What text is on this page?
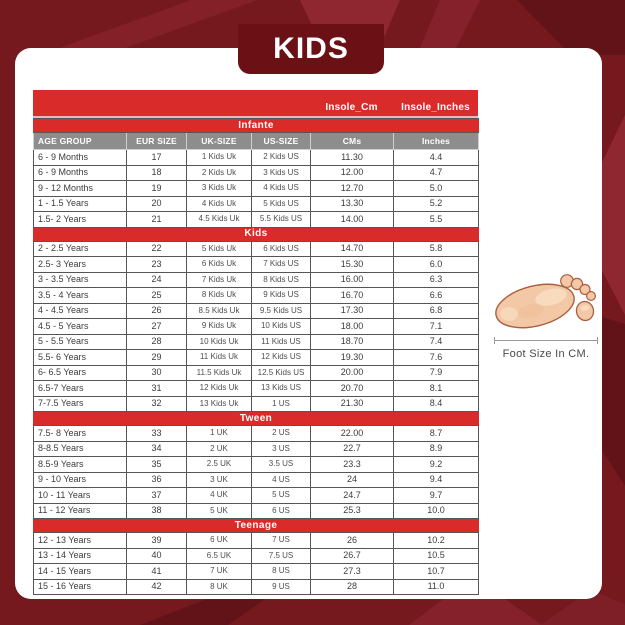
Insole_Cm	Insole_Inches
Infante					
AGE GROUP	EUR SIZE	UK-SIZE	US-SIZE	CMs	Inches
6 - 9 Months	17	1 Kids Uk	2 Kids US	11.30	4.4
6 - 9 Months	18	2 Kids Uk	3 Kids US	12.00	4.7
9 - 12 Months	19	3 Kids Uk	4 Kids US	12.70	5.0
1 - 1.5 Years	20	4 Kids Uk	5 Kids US	13.30	5.2
1.5- 2 Years	21	4.5 Kids Uk	5.5 Kids US	14.00	5.5
Kids					
2 - 2.5 Years	22	5 Kids Uk	6 Kids US	14.70	5.8
2.5- 3 Years	23	6 Kids Uk	7 Kids US	15.30	6.0
3 - 3.5 Years	24	7 Kids Uk	8 Kids US	16.00	6.3
3.5 - 4 Years	25	8 Kids Uk	9 Kids US	16.70	6.6
4 - 4.5 Years	26	8.5 Kids Uk	9.5 Kids US	17.30	6.8
4.5 - 5 Years	27	9 Kids Uk	10 Kids US	18.00	7.1
5 - 5.5 Years	28	10 Kids Uk	11 Kids US	18.70	7.4
5.5- 6 Years	29	11 Kids Uk	12 Kids US	19.30	7.6
6- 6.5 Years	30	11.5 Kids Uk	12.5 Kids US	20.00	7.9
6.5-7 Years	31	12 Kids Uk	13 Kids US	20.70	8.1
7-7.5 Years	32	13 Kids Uk	1 US	21.30	8.4
Tween					
7.5- 8 Years	33	1 UK	2 US	22.00	8.7
8-8.5 Years	34	2 UK	3 US	22.7	8.9
8.5-9 Years	35	2.5 UK	3.5 US	23.3	9.2
9 - 10 Years	36	3 UK	4 US	24	9.4
10 - 11 Years	37	4 UK	5 US	24.7	9.7
11 - 12 Years	38	5 UK	6 US	25.3	10.0
Teenage					
12 - 13 Years	39	6 UK	7 US	26	10.2
13 - 14 Years	40	6.5 UK	7.5 US	26.7	10.5
14 - 15 Years	41	7 UK	8 US	27.3	10.7
15 - 16 Years	42	8 UK	9 US	28	11.0
Foot Size In CM.
KIDS
